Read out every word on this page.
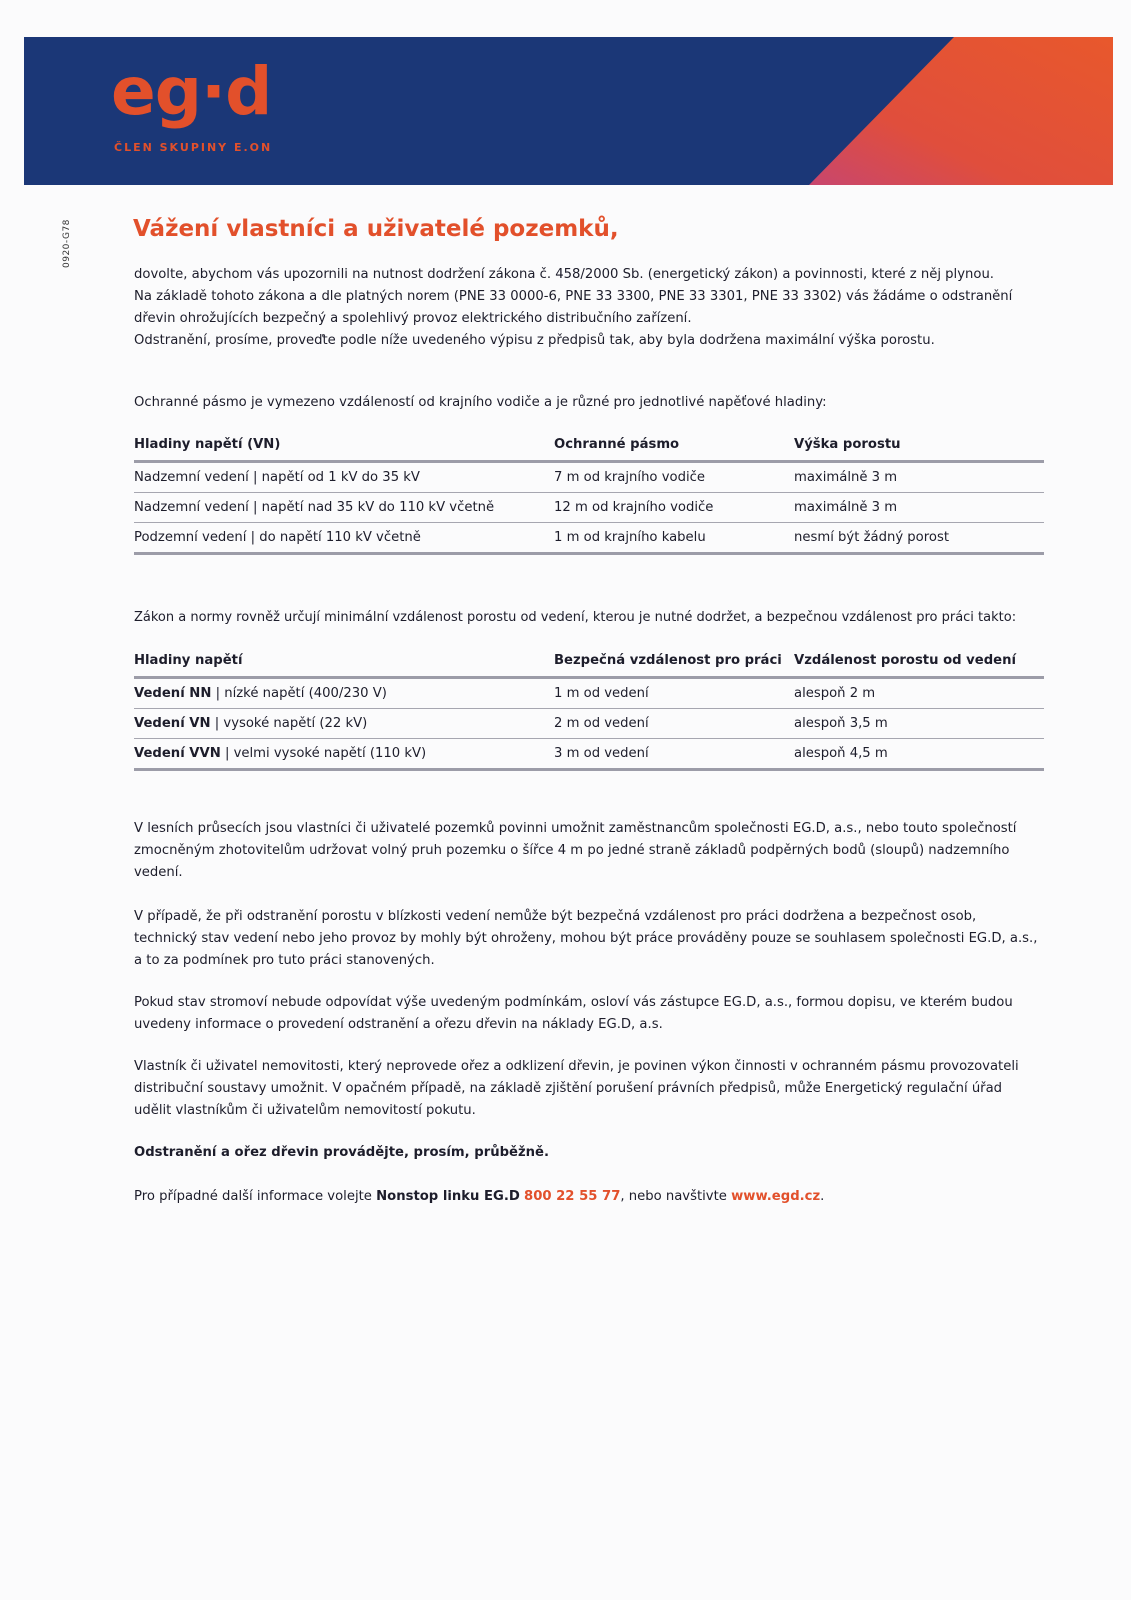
eg·d
ČLEN SKUPINY E.ON
0920-G78	Vážení vlastníci a uživatelé pozemků,
dovolte, abychom vás upozornili na nutnost dodržení zákona č. 458/2000 Sb. (energetický zákon) a povinnosti, které z něj plynou.
Na základě tohoto zákona a dle platných norem (PNE 33 0000-6, PNE 33 3300, PNE 33 3301, PNE 33 3302) vás žádáme o odstranění
dřevin ohrožujících bezpečný a spolehlivý provoz elektrického distribučního zařízení.
Odstranění, prosíme, proveďte podle níže uvedeného výpisu z předpisů tak, aby byla dodržena maximální výška porostu.
Ochranné pásmo je vymezeno vzdáleností od krajního vodiče a je různé pro jednotlivé napěťové hladiny:
Hladiny napětí (VN)	Ochranné pásmo	Výška porostu
Nadzemní vedení | napětí od 1 kV do 35 kV	7 m od krajního vodiče	maximálně 3 m
Nadzemní vedení | napětí nad 35 kV do 110 kV včetně	12 m od krajního vodiče	maximálně 3 m
Podzemní vedení | do napětí 110 kV včetně	1 m od krajního kabelu	nesmí být žádný porost
Zákon a normy rovněž určují minimální vzdálenost porostu od vedení, kterou je nutné dodržet, a bezpečnou vzdálenost pro práci takto:
Hladiny napětí	Bezpečná vzdálenost pro práci	Vzdálenost porostu od vedení
Vedení NN | nízké napětí (400/230 V)	1 m od vedení	alespoň 2 m
Vedení VN | vysoké napětí (22 kV)	2 m od vedení	alespoň 3,5 m
Vedení VVN | velmi vysoké napětí (110 kV)	3 m od vedení	alespoň 4,5 m
V lesních průsecích jsou vlastníci či uživatelé pozemků povinni umožnit zaměstnancům společnosti EG.D, a.s., nebo touto společností
zmocněným zhotovitelům udržovat volný pruh pozemku o šířce 4 m po jedné straně základů podpěrných bodů (sloupů) nadzemního
vedení.
V případě, že při odstranění porostu v blízkosti vedení nemůže být bezpečná vzdálenost pro práci dodržena a bezpečnost osob,
technický stav vedení nebo jeho provoz by mohly být ohroženy, mohou být práce prováděny pouze se souhlasem společnosti EG.D, a.s.,
a to za podmínek pro tuto práci stanovených.
Pokud stav stromoví nebude odpovídat výše uvedeným podmínkám, osloví vás zástupce EG.D, a.s., formou dopisu, ve kterém budou
uvedeny informace o provedení odstranění a ořezu dřevin na náklady EG.D, a.s.
Vlastník či uživatel nemovitosti, který neprovede ořez a odklizení dřevin, je povinen výkon činnosti v ochranném pásmu provozovateli
distribuční soustavy umožnit. V opačném případě, na základě zjištění porušení právních předpisů, může Energetický regulační úřad
udělit vlastníkům či uživatelům nemovitostí pokutu.
Odstranění a ořez dřevin provádějte, prosím, průběžně.
Pro případné další informace volejte Nonstop linku EG.D 800 22 55 77, nebo navštivte www.egd.cz.
